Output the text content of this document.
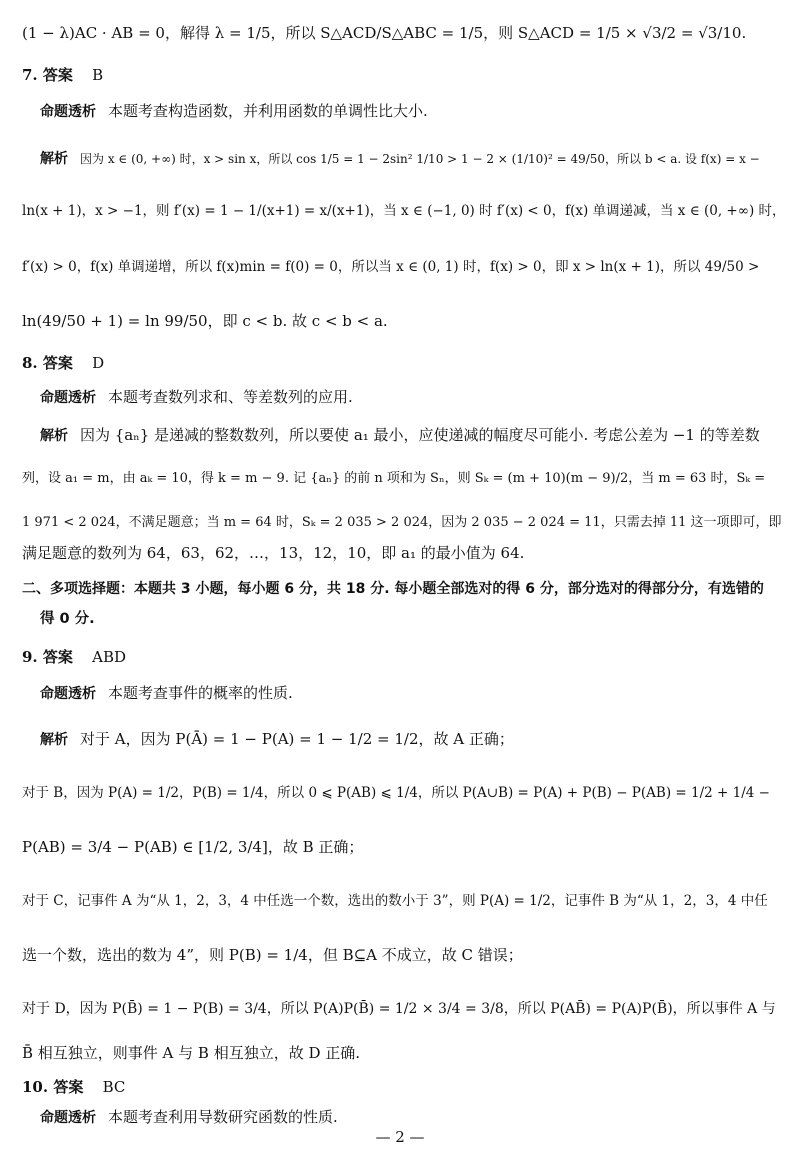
(1 − λ)AC · AB = 0，解得 λ = 1/5，所以 S△ACD/S△ABC = 1/5，则 S△ACD = 1/5 × √3/2 = √3/10.
7. 答案 B
命题透析 本题考查构造函数，并利用函数的单调性比大小.
解析 因为 x ∈ (0, +∞) 时，x > sin x，所以 cos 1/5 = 1 − 2sin² 1/10 > 1 − 2 × (1/10)² = 49/50，所以 b < a. 设 f(x) = x −
ln(x + 1)，x > −1，则 f′(x) = 1 − 1/(x+1) = x/(x+1)，当 x ∈ (−1, 0) 时 f′(x) < 0，f(x) 单调递减，当 x ∈ (0, +∞) 时，
f′(x) > 0，f(x) 单调递增，所以 f(x)min = f(0) = 0，所以当 x ∈ (0, 1) 时，f(x) > 0，即 x > ln(x + 1)，所以 49/50 >
ln(49/50 + 1) = ln 99/50，即 c < b. 故 c < b < a.
8. 答案 D
命题透析 本题考查数列求和、等差数列的应用.
解析 因为 {aₙ} 是递减的整数数列，所以要使 a₁ 最小，应使递减的幅度尽可能小. 考虑公差为 −1 的等差数
列，设 a₁ = m，由 aₖ = 10，得 k = m − 9. 记 {aₙ} 的前 n 项和为 Sₙ，则 Sₖ = (m + 10)(m − 9)/2，当 m = 63 时，Sₖ =
1 971 < 2 024，不满足题意；当 m = 64 时，Sₖ = 2 035 > 2 024，因为 2 035 − 2 024 = 11，只需去掉 11 这一项即可，即
满足题意的数列为 64，63，62，…，13，12，10，即 a₁ 的最小值为 64.
二、多项选择题：本题共 3 小题，每小题 6 分，共 18 分. 每小题全部选对的得 6 分，部分选对的得部分分，有选错的
得 0 分.
9. 答案 ABD
命题透析 本题考查事件的概率的性质.
解析 对于 A，因为 P(Ā) = 1 − P(A) = 1 − 1/2 = 1/2，故 A 正确；
对于 B，因为 P(A) = 1/2，P(B) = 1/4，所以 0 ⩽ P(AB) ⩽ 1/4，所以 P(A∪B) = P(A) + P(B) − P(AB) = 1/2 + 1/4 −
P(AB) = 3/4 − P(AB) ∈ [1/2, 3/4]，故 B 正确；
对于 C，记事件 A 为“从 1，2，3，4 中任选一个数，选出的数小于 3”，则 P(A) = 1/2，记事件 B 为“从 1，2，3，4 中任
选一个数，选出的数为 4”，则 P(B) = 1/4，但 B⊆A 不成立，故 C 错误；
对于 D，因为 P(B̄) = 1 − P(B) = 3/4，所以 P(A)P(B̄) = 1/2 × 3/4 = 3/8，所以 P(AB̄) = P(A)P(B̄)，所以事件 A 与
B̄ 相互独立，则事件 A 与 B 相互独立，故 D 正确.
10. 答案 BC
命题透析 本题考查利用导数研究函数的性质.
— 2 —
